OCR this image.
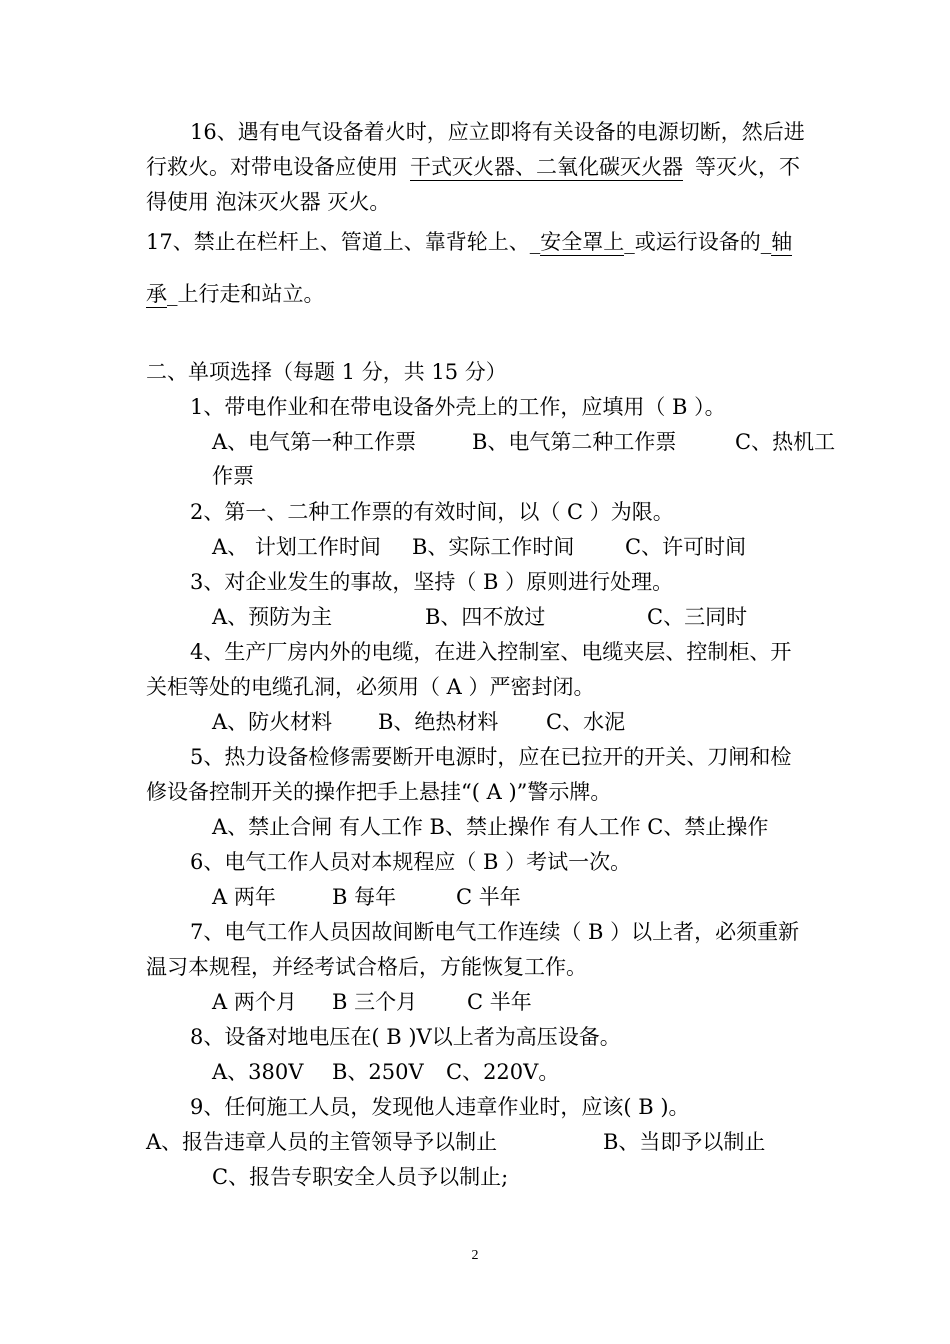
16、遇有电气设备着火时，应立即将有关设备的电源切断，然后进
行救火。对带电设备应使用 干式灭火器、二氧化碳灭火器 等灭火，不
得使用 泡沫灭火器 灭火。
17、禁止在栏杆上、管道上、靠背轮上、_安全罩上_或运行设备的_轴
承_上行走和站立。
二、单项选择（每题 1 分，共 15 分）
1、带电作业和在带电设备外壳上的工作，应填用（ B ）。
A、电气第一种工作票	B、电气第二种工作票	C、热机工
作票
2、第一、二种工作票的有效时间，以（ C ）为限。
A、 计划工作时间 B、实际工作时间 C、许可时间
3、对企业发生的事故，坚持（ B ）原则进行处理。
A、预防为主	B、四不放过	C、三同时
4、生产厂房内外的电缆，在进入控制室、电缆夹层、控制柜、开
关柜等处的电缆孔洞，必须用（ A ）严密封闭。
A、防火材料 B、绝热材料 C、水泥
5、热力设备检修需要断开电源时，应在已拉开的开关、刀闸和检
修设备控制开关的操作把手上悬挂“( A )”警示牌。
A、禁止合闸 有人工作 B、禁止操作 有人工作 C、禁止操作
6、电气工作人员对本规程应（ B ）考试一次。
A 两年	B 每年	C 半年
7、电气工作人员因故间断电气工作连续（ B ）以上者，必须重新
温习本规程，并经考试合格后，方能恢复工作。
A 两个月 B 三个月 C 半年
8、设备对地电压在( B )V以上者为高压设备。
A、380V B、250V C、220V。
9、任何施工人员，发现他人违章作业时，应该( B )。
A、报告违章人员的主管领导予以制止	B、当即予以制止
C、报告专职安全人员予以制止;
2
